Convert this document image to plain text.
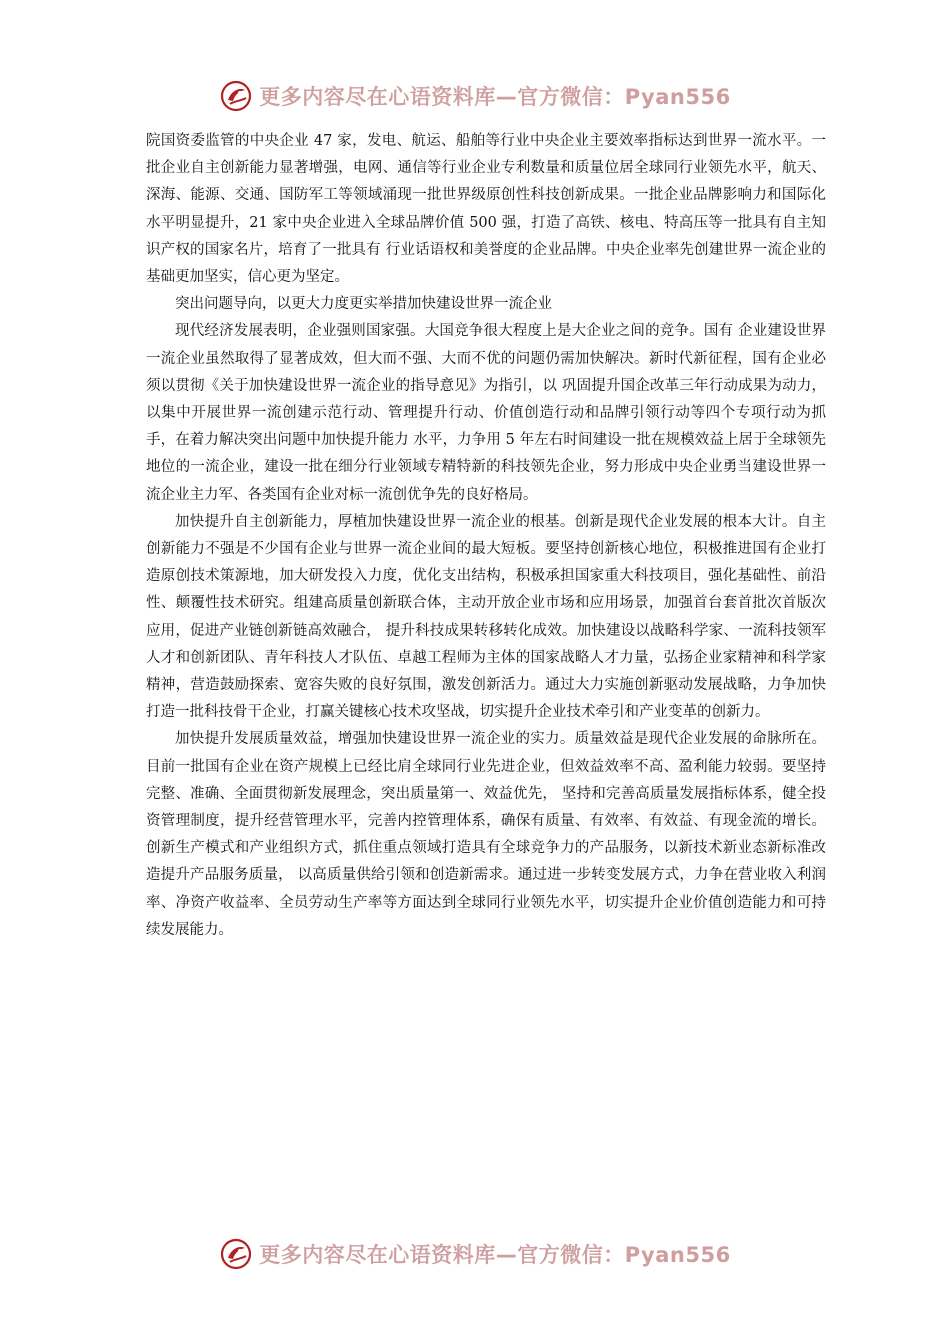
更多内容尽在心语资料库—官方微信：Pyan556

院国资委监管的中央企业 47 家，发电、航运、船舶等行业中央企业主要效率指标达到世界一流水平。一批企业自主创新能力显著增强，电网、通信等行业企业专利数量和质量位居全球同行业领先水平，航天、深海、能源、交通、国防军工等领域涌现一批世界级原创性科技创新成果。一批企业品牌影响力和国际化水平明显提升，21 家中央企业进入全球品牌价值 500 强，打造了高铁、核电、特高压等一批具有自主知识产权的国家名片，培育了一批具有 行业话语权和美誉度的企业品牌。中央企业率先创建世界一流企业的基础更加坚实，信心更为坚定。

突出问题导向，以更大力度更实举措加快建设世界一流企业

现代经济发展表明，企业强则国家强。大国竞争很大程度上是大企业之间的竞争。国有 企业建设世界一流企业虽然取得了显著成效，但大而不强、大而不优的问题仍需加快解决。新时代新征程，国有企业必须以贯彻《关于加快建设世界一流企业的指导意见》为指引，以 巩固提升国企改革三年行动成果为动力，以集中开展世界一流创建示范行动、管理提升行动、价值创造行动和品牌引领行动等四个专项行动为抓手，在着力解决突出问题中加快提升能力 水平，力争用 5 年左右时间建设一批在规模效益上居于全球领先地位的一流企业，建设一批在细分行业领域专精特新的科技领先企业，努力形成中央企业勇当建设世界一流企业主力军、各类国有企业对标一流创优争先的良好格局。

加快提升自主创新能力，厚植加快建设世界一流企业的根基。创新是现代企业发展的根本大计。自主创新能力不强是不少国有企业与世界一流企业间的最大短板。要坚持创新核心地位，积极推进国有企业打造原创技术策源地，加大研发投入力度，优化支出结构，积极承担国家重大科技项目，强化基础性、前沿性、颠覆性技术研究。组建高质量创新联合体，主动开放企业市场和应用场景，加强首台套首批次首版次应用，促进产业链创新链高效融合， 提升科技成果转移转化成效。加快建设以战略科学家、一流科技领军人才和创新团队、青年科技人才队伍、卓越工程师为主体的国家战略人才力量，弘扬企业家精神和科学家精神，营造鼓励探索、宽容失败的良好氛围，激发创新活力。通过大力实施创新驱动发展战略，力争加快打造一批科技骨干企业，打赢关键核心技术攻坚战，切实提升企业技术牵引和产业变革的创新力。

加快提升发展质量效益，增强加快建设世界一流企业的实力。质量效益是现代企业发展的命脉所在。目前一批国有企业在资产规模上已经比肩全球同行业先进企业，但效益效率不高、盈利能力较弱。要坚持完整、准确、全面贯彻新发展理念，突出质量第一、效益优先， 坚持和完善高质量发展指标体系，健全投资管理制度，提升经营管理水平，完善内控管理体系，确保有质量、有效率、有效益、有现金流的增长。创新生产模式和产业组织方式，抓住重点领域打造具有全球竞争力的产品服务，以新技术新业态新标准改造提升产品服务质量， 以高质量供给引领和创造新需求。通过进一步转变发展方式，力争在营业收入利润率、净资产收益率、全员劳动生产率等方面达到全球同行业领先水平，切实提升企业价值创造能力和可持续发展能力。

更多内容尽在心语资料库—官方微信：Pyan556
